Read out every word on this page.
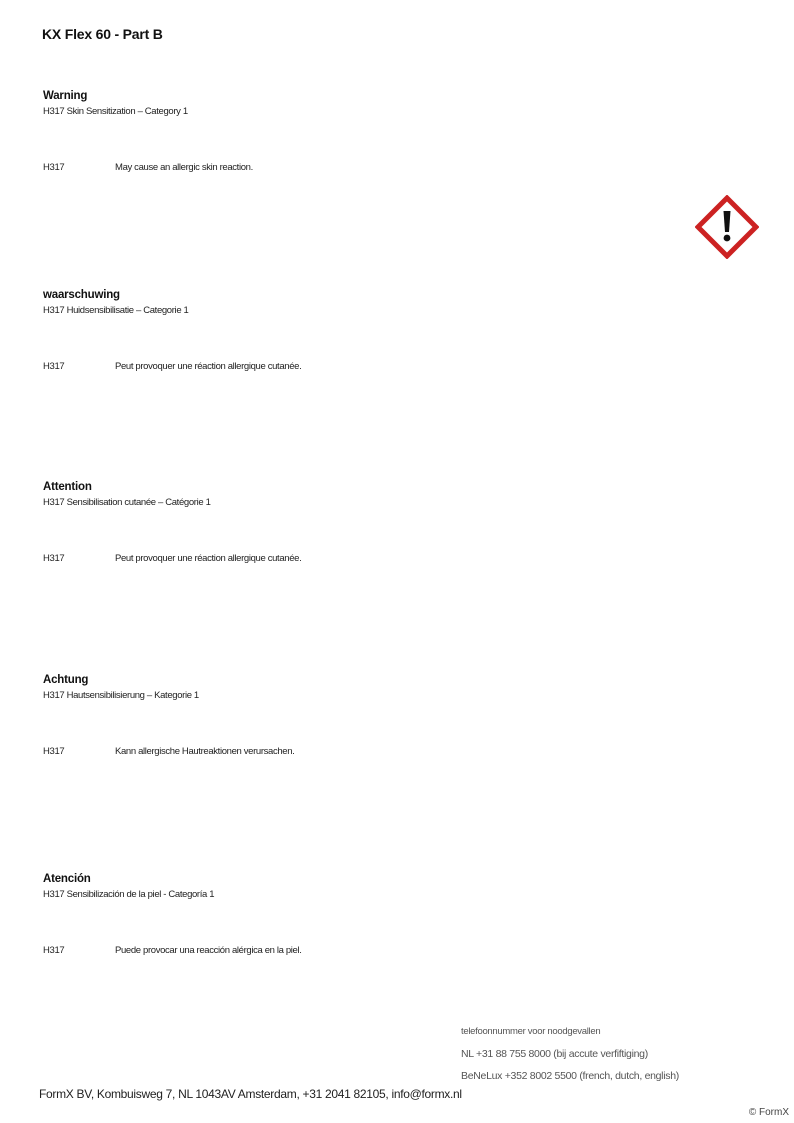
KX Flex 60 - Part B
Warning
H317 Skin Sensitization – Category 1
H317	May cause an allergic skin reaction.
waarschuwing
H317 Huidsensibilisatie – Categorie 1
H317	Peut provoquer une réaction allergique cutanée.
Attention
H317 Sensibilisation cutanée – Catégorie 1
H317	Peut provoquer une réaction allergique cutanée.
Achtung
H317 Hautsensibilisierung – Kategorie 1
H317	Kann allergische Hautreaktionen verursachen.
Atención
H317 Sensibilización de la piel - Categoría 1
H317	Puede provocar una reacción alérgica en la piel.
telefoonnummer voor noodgevallen
NL +31 88 755 8000 (bij accute verfiftiging)
BeNeLux +352 8002 5500 (french, dutch, english)
FormX BV, Kombuisweg 7, NL 1043AV Amsterdam, +31 2041 82105, info@formx.nl
© FormX
